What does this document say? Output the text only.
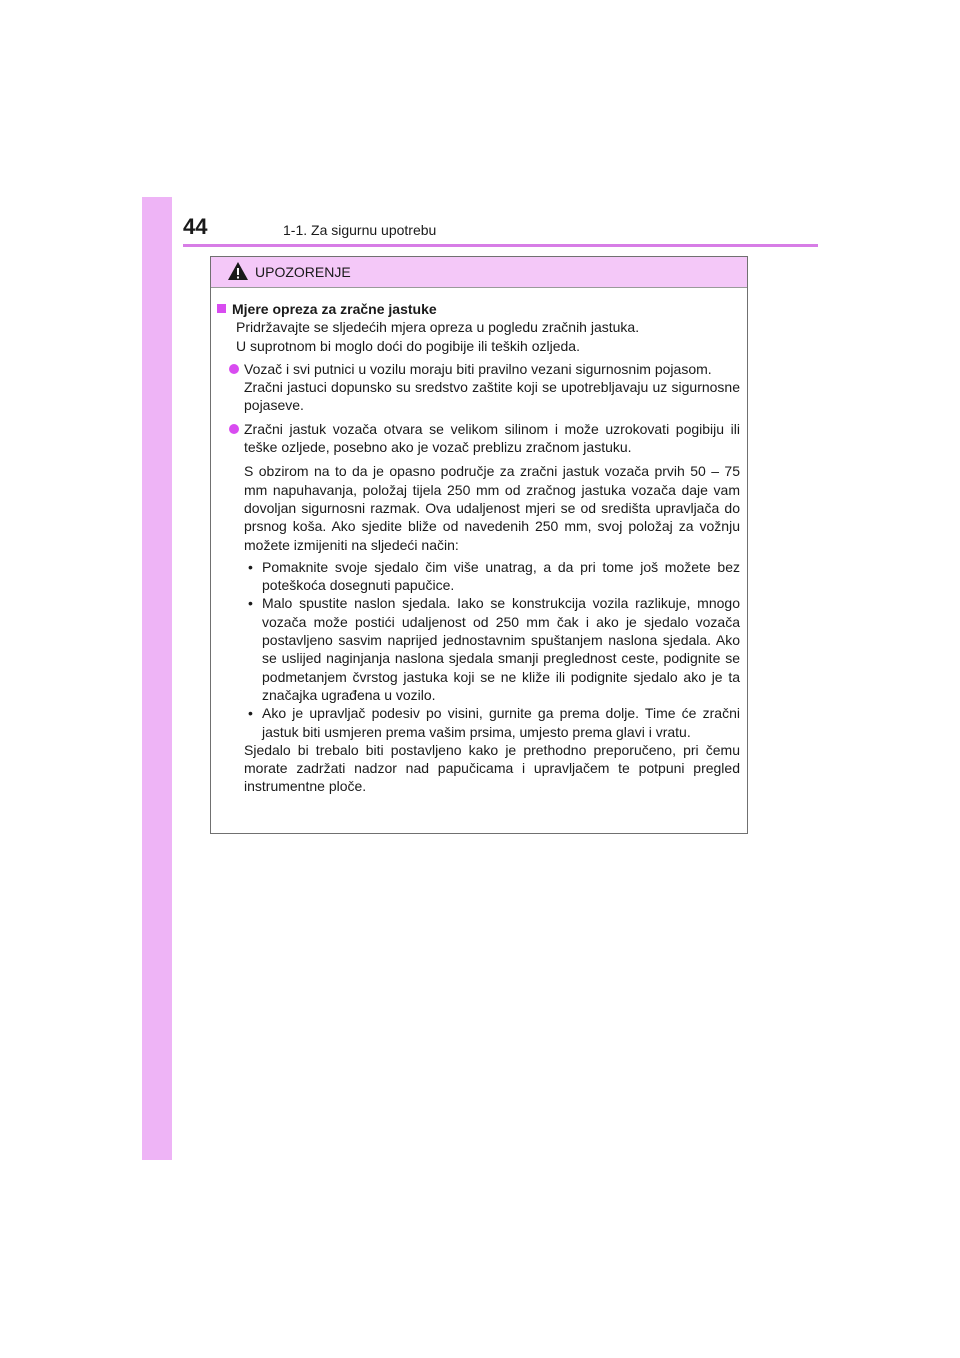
44	1-1. Za sigurnu upotrebu
UPOZORENJE
Mjere opreza za zračne jastuke
Pridržavajte se sljedećih mjera opreza u pogledu zračnih jastuka.
U suprotnom bi moglo doći do pogibije ili teških ozljeda.
Vozač i svi putnici u vozilu moraju biti pravilno vezani sigurnosnim pojasom.
Zračni jastuci dopunsko su sredstvo zaštite koji se upotrebljavaju uz sigurnosne pojaseve.
Zračni jastuk vozača otvara se velikom silinom i može uzrokovati pogibiju ili teške ozljede, posebno ako je vozač preblizu zračnom jastuku.
S obzirom na to da je opasno područje za zračni jastuk vozača prvih 50 – 75 mm napuhavanja, položaj tijela 250 mm od zračnog jastuka vozača daje vam dovoljan sigurnosni razmak. Ova udaljenost mjeri se od središta upravljača do prsnog koša. Ako sjedite bliže od navedenih 250 mm, svoj položaj za vožnju možete izmijeniti na sljedeći način:
• Pomaknite svoje sjedalo čim više unatrag, a da pri tome još možete bez poteškoća dosegnuti papučice.
• Malo spustite naslon sjedala. Iako se konstrukcija vozila razlikuje, mnogo vozača može postići udaljenost od 250 mm čak i ako je sjedalo vozača postavljeno sasvim naprijed jednostavnim spuštanjem naslona sjedala. Ako se uslijed naginjanja naslona sjedala smanji preglednost ceste, podignite se podmetanjem čvrstog jastuka koji se ne kliže ili podignite sjedalo ako je ta značajka ugrađena u vozilo.
• Ako je upravljač podesiv po visini, gurnite ga prema dolje. Time će zračni jastuk biti usmjeren prema vašim prsima, umjesto prema glavi i vratu.
Sjedalo bi trebalo biti postavljeno kako je prethodno preporučeno, pri čemu morate zadržati nadzor nad papučicama i upravljačem te potpuni pregled instrumentne ploče.
